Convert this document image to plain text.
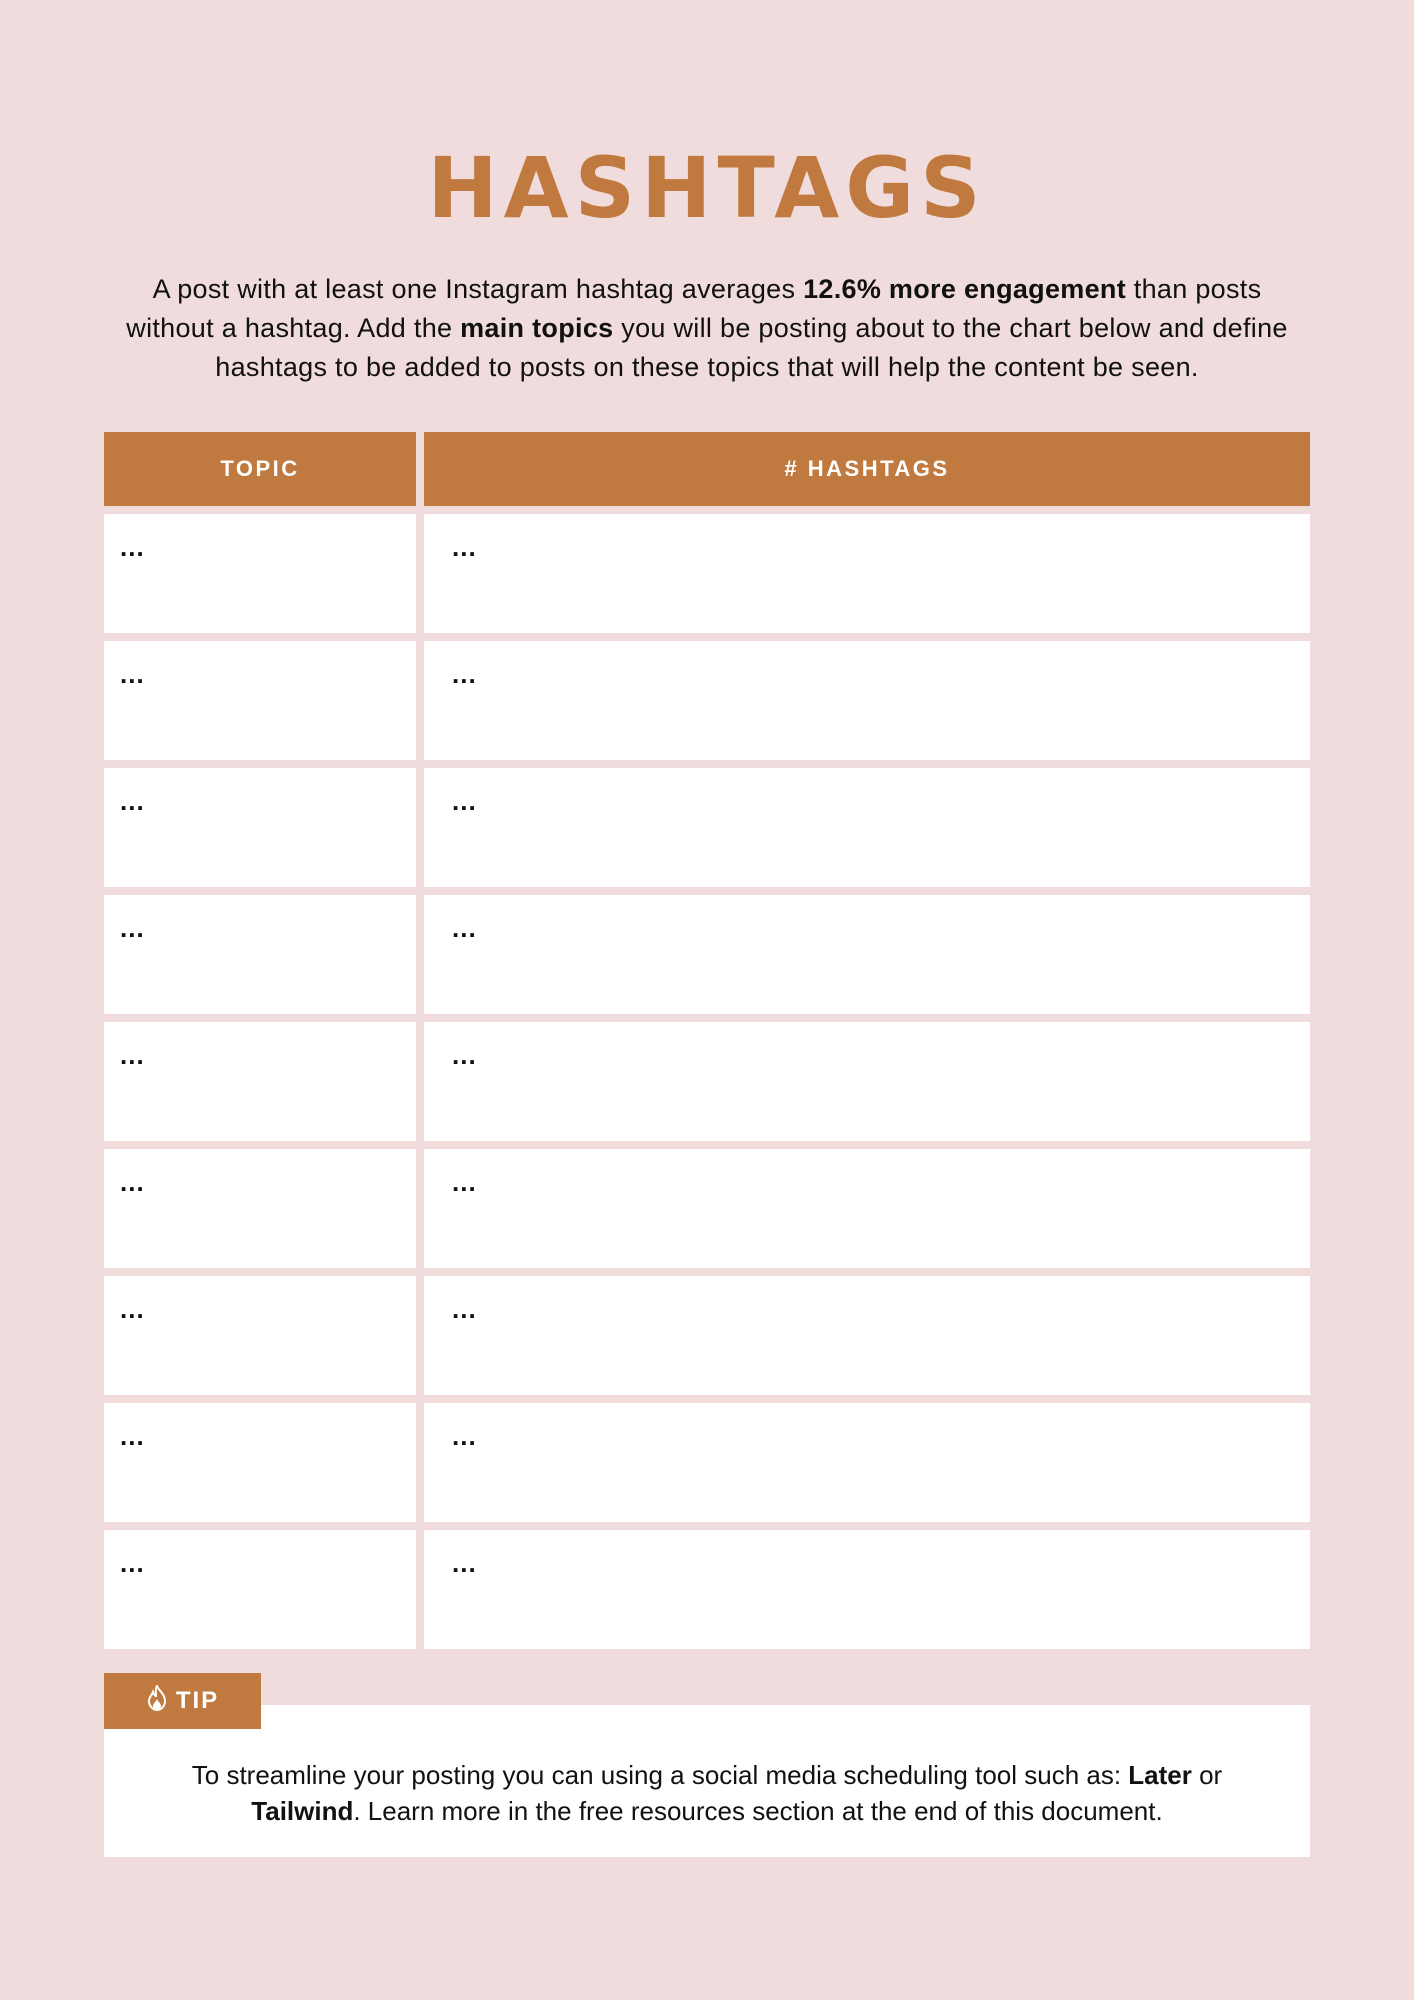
HASHTAGS

A post with at least one Instagram hashtag averages 12.6% more engagement than posts without a hashtag. Add the main topics you will be posting about to the chart below and define hashtags to be added to posts on these topics that will help the content be seen.

TOPIC	# HASHTAGS
...	...
...	...
...	...
...	...
...	...
...	...
...	...
...	...
...	...

To streamline your posting you can using a social media scheduling tool such as: Later or Tailwind. Learn more in the free resources section at the end of this document.

TIP
